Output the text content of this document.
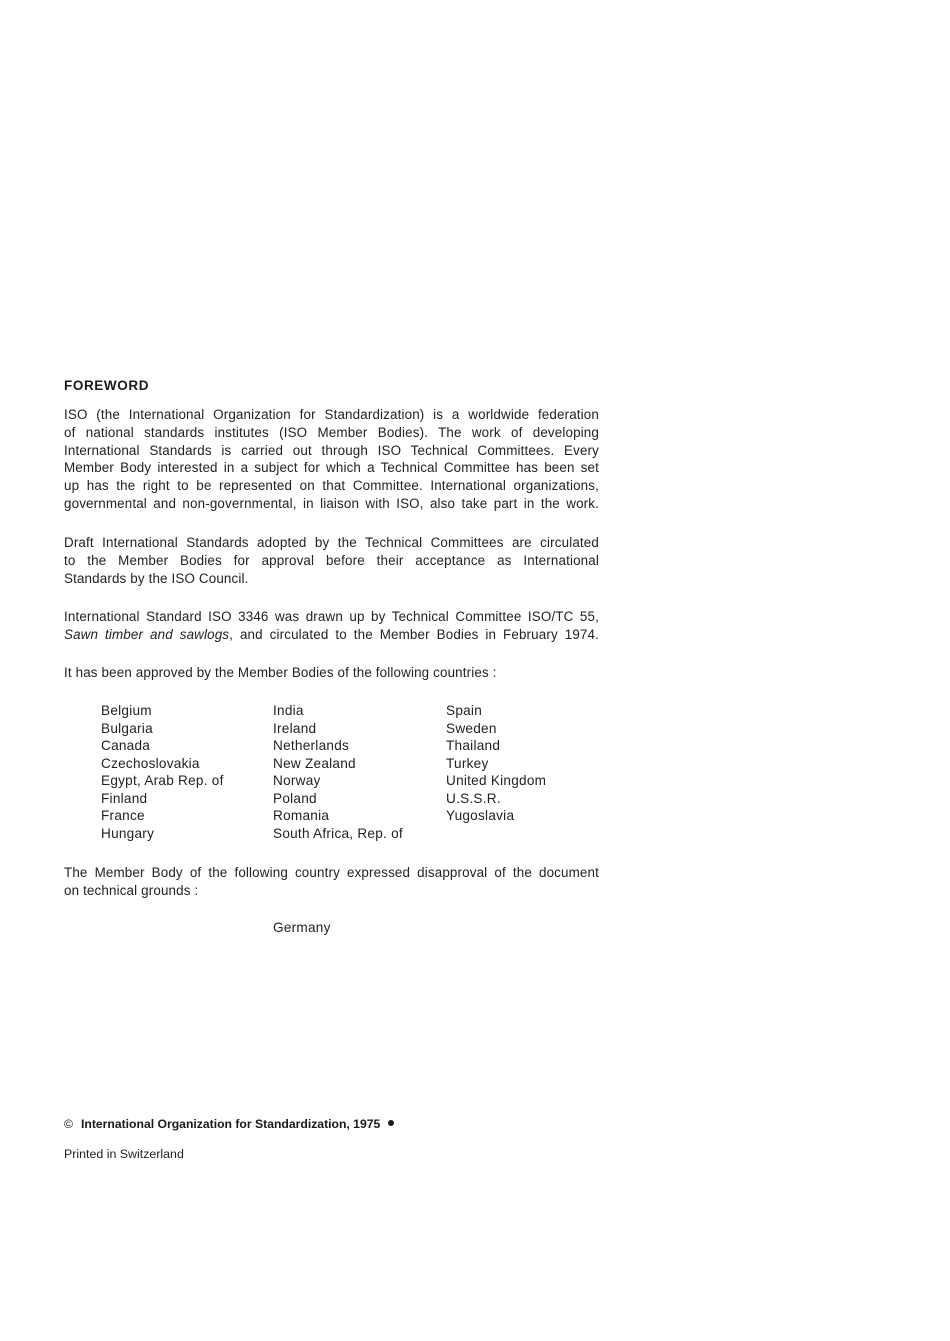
FOREWORD
ISO (the International Organization for Standardization) is a worldwide federation
of national standards institutes (ISO Member Bodies). The work of developing
International Standards is carried out through ISO Technical Committees. Every
Member Body interested in a subject for which a Technical Committee has been set
up has the right to be represented on that Committee. International organizations,
governmental and non-governmental, in liaison with ISO, also take part in the work.
Draft International Standards adopted by the Technical Committees are circulated
to the Member Bodies for approval before their acceptance as International
Standards by the ISO Council.
International Standard ISO 3346 was drawn up by Technical Committee ISO/TC 55,
Sawn timber and sawlogs, and circulated to the Member Bodies in February 1974.
It has been approved by the Member Bodies of the following countries :
Belgium
Bulgaria
Canada
Czechoslovakia
Egypt, Arab Rep. of
Finland
France
Hungary
India
Ireland
Netherlands
New Zealand
Norway
Poland
Romania
South Africa, Rep. of
Spain
Sweden
Thailand
Turkey
United Kingdom
U.S.S.R.
Yugoslavia
The Member Body of the following country expressed disapproval of the document
on technical grounds :
Germany
© International Organization for Standardization, 1975
Printed in Switzerland
